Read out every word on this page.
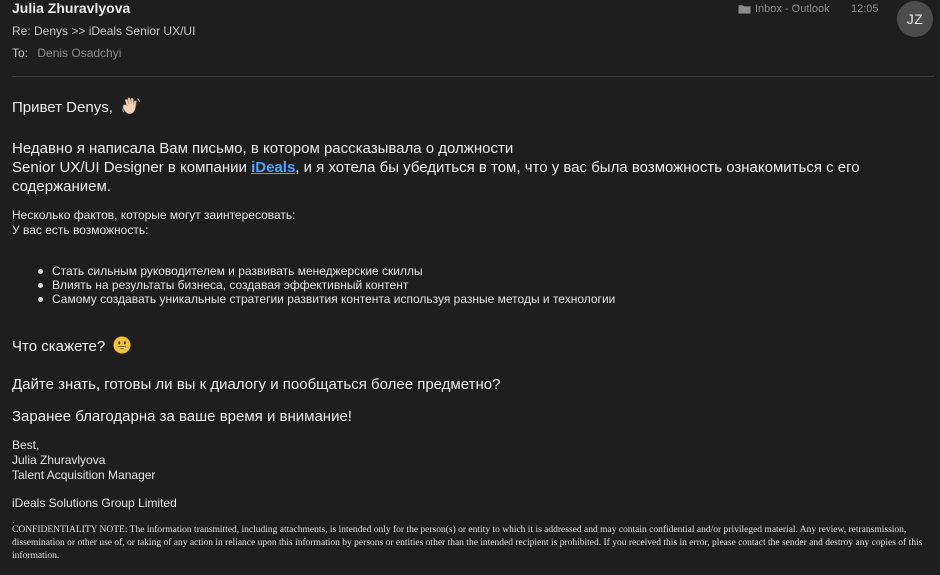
Julia Zhuravlyova
Re: Denys >> iDeals Senior UX/UI
To: Denis Osadchyi
Inbox - Outlook 12:05
JZ
Привет Denys,
Недавно я написала Вам письмо, в котором рассказывала о должности
Senior UX/UI Designer в компании iDeals, и я хотела бы убедиться в том, что у вас была возможность ознакомиться с его содержанием.
Несколько фактов, которые могут заинтересовать:
У вас есть возможность:
Стать сильным руководителем и развивать менеджерские скиллы
Влиять на результаты бизнеса, создавая эффективный контент
Самому создавать уникальные стратегии развития контента используя разные методы и технологии
Что скажете?
Дайте знать, готовы ли вы к диалогу и пообщаться более предметно?
Заранее благодарна за ваше время и внимание!
Best,
Julia Zhuravlyova
Talent Acquisition Manager
iDeals Solutions Group Limited
.
CONFIDENTIALITY NOTE: The information transmitted, including attachments, is intended only for the person(s) or entity to which it is addressed and may contain confidential and/or privileged material. Any review, retransmission, dissemination or other use of, or taking of any action in reliance upon this information by persons or entities other than the intended recipient is prohibited. If you received this in error, please contact the sender and destroy any copies of this information.
